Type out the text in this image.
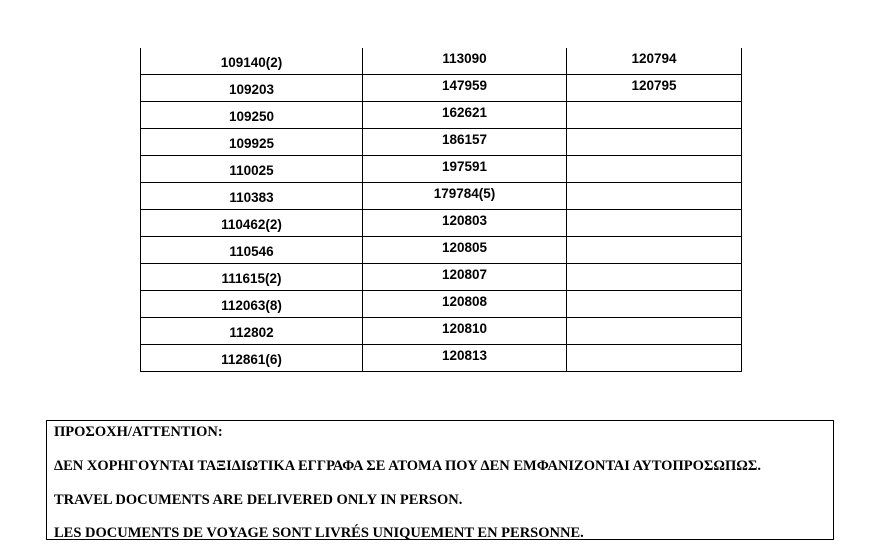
109140(2)	113090	120794
109203	147959	120795
109250	162621	
109925	186157	
110025	197591	
110383	179784(5)	
110462(2)	120803	
110546	120805	
111615(2)	120807	
112063(8)	120808	
112802	120810	
112861(6)	120813	
ΠΡΟΣΟΧΗ/ATTENTION:
ΔΕΝ ΧΟΡΗΓΟΥΝΤΑΙ ΤΑΞΙΔΙΩΤΙΚΑ ΕΓΓΡΑΦΑ ΣΕ ΑΤΟΜΑ ΠΟΥ ΔΕΝ ΕΜΦΑΝΙΖΟΝΤΑΙ ΑΥΤΟΠΡΟΣΩΠΩΣ.
TRAVEL DOCUMENTS ARE DELIVERED ONLY IN PERSON.
LES DOCUMENTS DE VOYAGE SONT LIVRÉS UNIQUEMENT EN PERSONNE.
